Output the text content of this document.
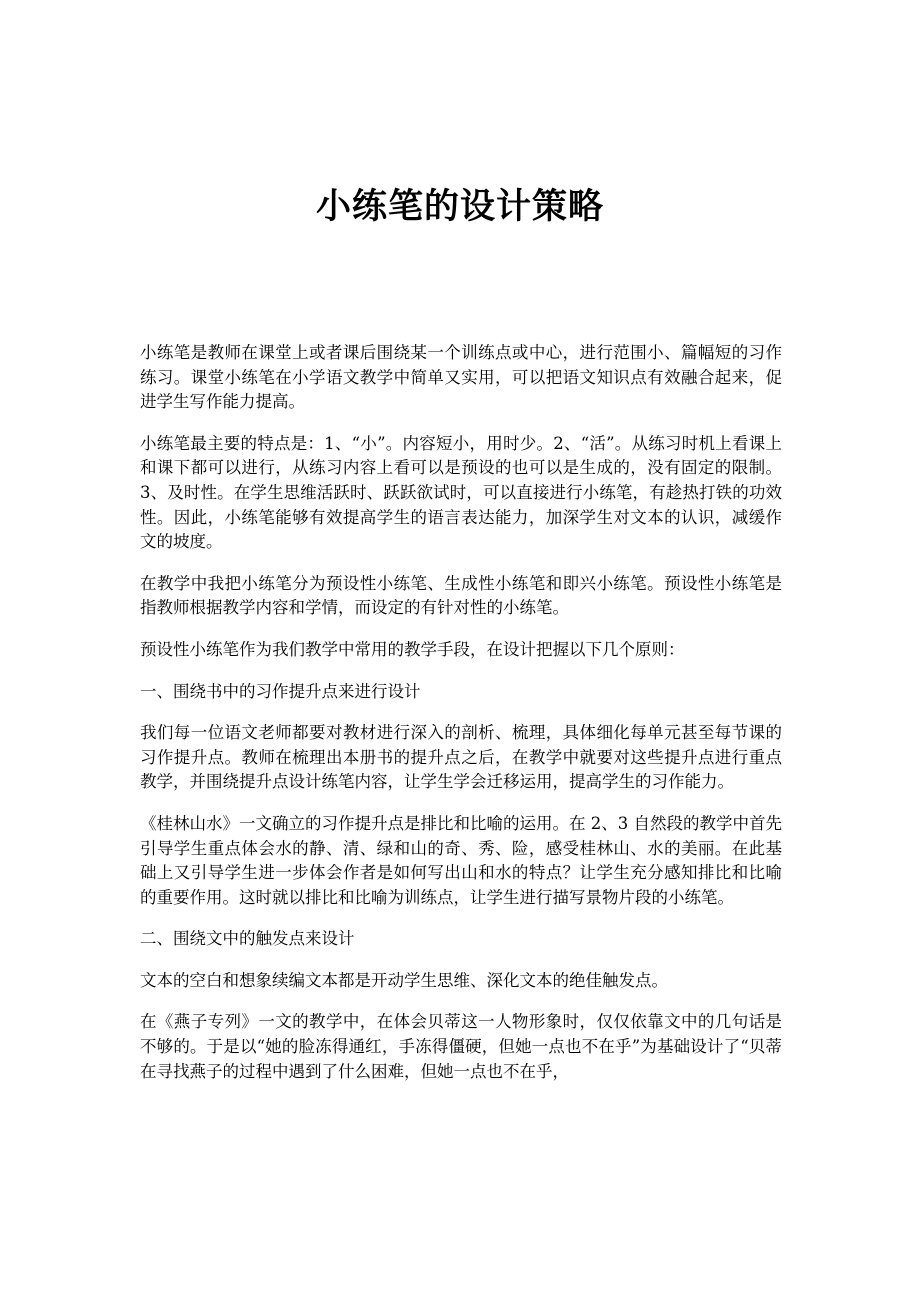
小练笔的设计策略

小练笔是教师在课堂上或者课后围绕某一个训练点或中心，进行范围小、篇幅短的习作练习。课堂小练笔在小学语文教学中简单又实用，可以把语文知识点有效融合起来，促进学生写作能力提高。

小练笔最主要的特点是：1、“小”。内容短小，用时少。2、“活”。从练习时机上看课上和课下都可以进行，从练习内容上看可以是预设的也可以是生成的，没有固定的限制。3、及时性。在学生思维活跃时、跃跃欲试时，可以直接进行小练笔，有趁热打铁的功效性。因此，小练笔能够有效提高学生的语言表达能力，加深学生对文本的认识，减缓作文的坡度。

在教学中我把小练笔分为预设性小练笔、生成性小练笔和即兴小练笔。预设性小练笔是指教师根据教学内容和学情，而设定的有针对性的小练笔。

预设性小练笔作为我们教学中常用的教学手段，在设计把握以下几个原则：

一、围绕书中的习作提升点来进行设计

我们每一位语文老师都要对教材进行深入的剖析、梳理，具体细化每单元甚至每节课的习作提升点。教师在梳理出本册书的提升点之后，在教学中就要对这些提升点进行重点教学，并围绕提升点设计练笔内容，让学生学会迁移运用，提高学生的习作能力。

《桂林山水》一文确立的习作提升点是排比和比喻的运用。在 2、3 自然段的教学中首先引导学生重点体会水的静、清、绿和山的奇、秀、险，感受桂林山、水的美丽。在此基础上又引导学生进一步体会作者是如何写出山和水的特点？让学生充分感知排比和比喻的重要作用。这时就以排比和比喻为训练点，让学生进行描写景物片段的小练笔。

二、围绕文中的触发点来设计

文本的空白和想象续编文本都是开动学生思维、深化文本的绝佳触发点。

在《燕子专列》一文的教学中，在体会贝蒂这一人物形象时，仅仅依靠文中的几句话是不够的。于是以“她的脸冻得通红，手冻得僵硬，但她一点也不在乎”为基础设计了“贝蒂在寻找燕子的过程中遇到了什么困难，但她一点也不在乎，
